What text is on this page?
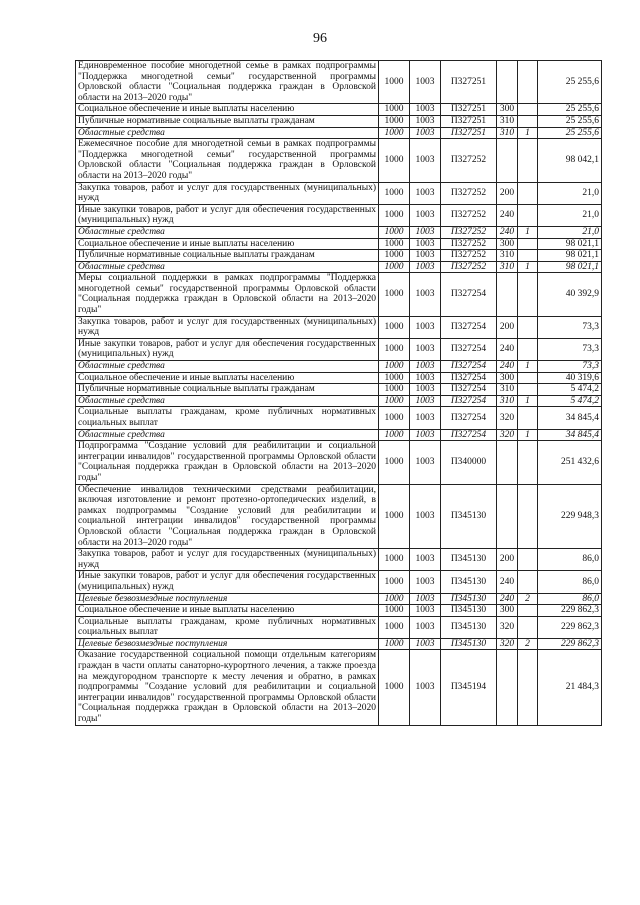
96
Единовременное пособие многодетной семье в рамках подпрограммы "Поддержка многодетной семьи" государственной программы Орловской области "Социальная поддержка граждан в Орловской области на 2013–2020 годы"	1000	1003	П327251			25 255,6
Социальное обеспечение и иные выплаты населению	1000	1003	П327251	300		25 255,6
Публичные нормативные социальные выплаты гражданам	1000	1003	П327251	310		25 255,6
Областные средства	1000	1003	П327251	310	1	25 255,6
Ежемесячное пособие для многодетной семьи в рамках подпрограммы "Поддержка многодетной семьи" государственной программы Орловской области "Социальная поддержка граждан в Орловской области на 2013–2020 годы"	1000	1003	П327252			98 042,1
Закупка товаров, работ и услуг для государственных (муниципальных) нужд	1000	1003	П327252	200		21,0
Иные закупки товаров, работ и услуг для обеспечения государственных (муниципальных) нужд	1000	1003	П327252	240		21,0
Областные средства	1000	1003	П327252	240	1	21,0
Социальное обеспечение и иные выплаты населению	1000	1003	П327252	300		98 021,1
Публичные нормативные социальные выплаты гражданам	1000	1003	П327252	310		98 021,1
Областные средства	1000	1003	П327252	310	1	98 021,1
Меры социальной поддержки в рамках подпрограммы "Поддержка многодетной семьи" государственной программы Орловской области "Социальная поддержка граждан в Орловской области на 2013–2020 годы"	1000	1003	П327254			40 392,9
Закупка товаров, работ и услуг для государственных (муниципальных) нужд	1000	1003	П327254	200		73,3
Иные закупки товаров, работ и услуг для обеспечения государственных (муниципальных) нужд	1000	1003	П327254	240		73,3
Областные средства	1000	1003	П327254	240	1	73,3
Социальное обеспечение и иные выплаты населению	1000	1003	П327254	300		40 319,6
Публичные нормативные социальные выплаты гражданам	1000	1003	П327254	310		5 474,2
Областные средства	1000	1003	П327254	310	1	5 474,2
Социальные выплаты гражданам, кроме публичных нормативных социальных выплат	1000	1003	П327254	320		34 845,4
Областные средства	1000	1003	П327254	320	1	34 845,4
Подпрограмма "Создание условий для реабилитации и социальной интеграции инвалидов" государственной программы Орловской области "Социальная поддержка граждан в Орловской области на 2013–2020 годы"	1000	1003	П340000			251 432,6
Обеспечение инвалидов техническими средствами реабилитации, включая изготовление и ремонт протезно-ортопедических изделий, в рамках подпрограммы "Создание условий для реабилитации и социальной интеграции инвалидов" государственной программы Орловской области "Социальная поддержка граждан в Орловской области на 2013–2020 годы"	1000	1003	П345130			229 948,3
Закупка товаров, работ и услуг для государственных (муниципальных) нужд	1000	1003	П345130	200		86,0
Иные закупки товаров, работ и услуг для обеспечения государственных (муниципальных) нужд	1000	1003	П345130	240		86,0
Целевые безвозмездные поступления	1000	1003	П345130	240	2	86,0
Социальное обеспечение и иные выплаты населению	1000	1003	П345130	300		229 862,3
Социальные выплаты гражданам, кроме публичных нормативных социальных выплат	1000	1003	П345130	320		229 862,3
Целевые безвозмездные поступления	1000	1003	П345130	320	2	229 862,3
Оказание государственной социальной помощи отдельным категориям граждан в части оплаты санаторно-курортного лечения, а также проезда на междугородном транспорте к месту лечения и обратно, в рамках подпрограммы "Создание условий для реабилитации и социальной интеграции инвалидов" государственной программы Орловской области "Социальная поддержка граждан в Орловской области на 2013–2020 годы"	1000	1003	П345194			21 484,3
